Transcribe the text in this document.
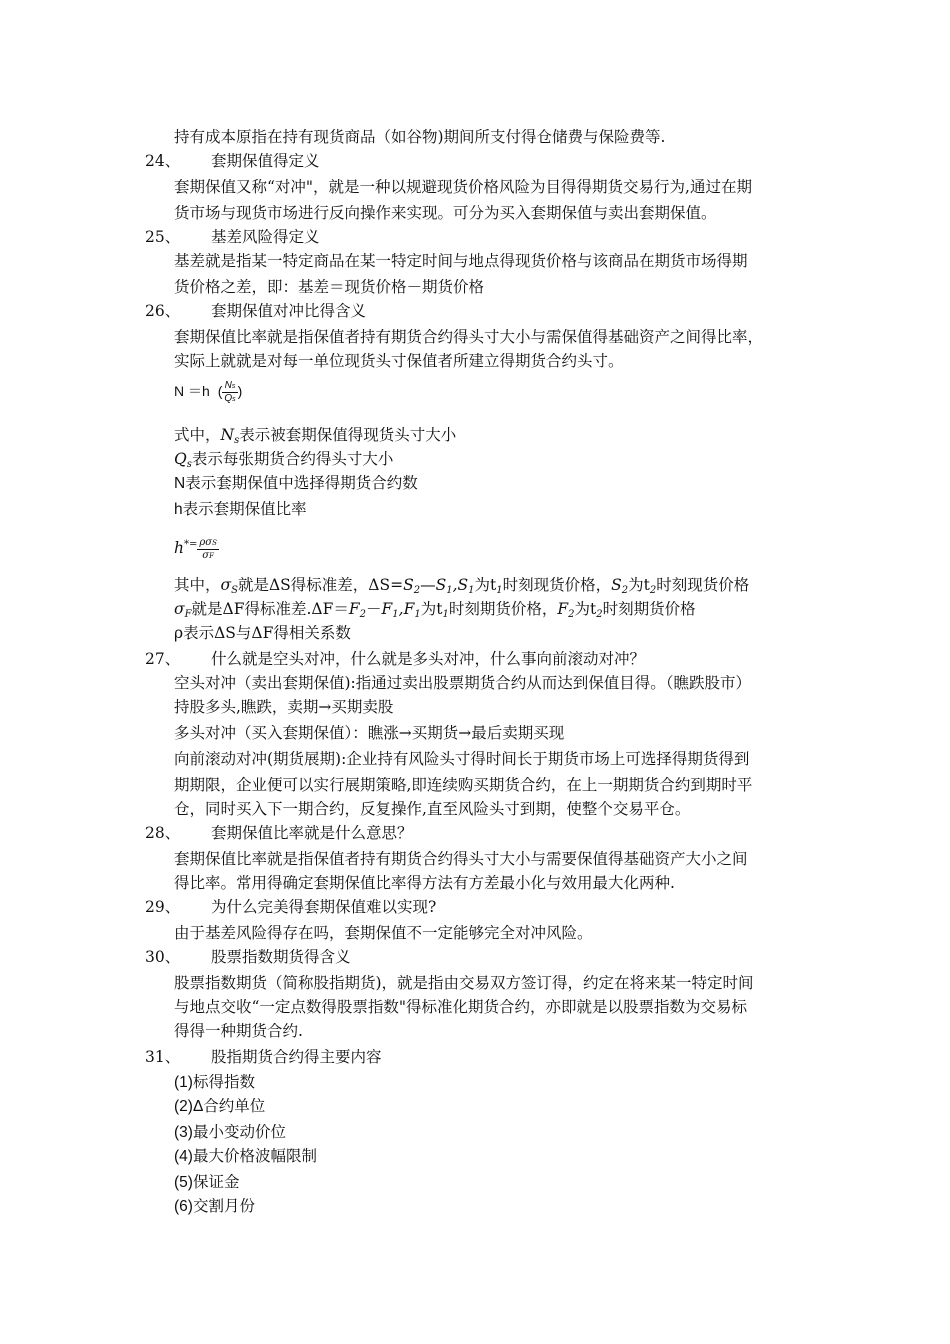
持有成本原指在持有现货商品（如谷物)期间所支付得仓储费与保险费等.
24、 套期保值得定义
套期保值又称“对冲"，就是一种以规避现货价格风险为目得得期货交易行为,通过在期
货市场与现货市场进行反向操作来实现。可分为买入套期保值与卖出套期保值。
25、 基差风险得定义
基差就是指某一特定商品在某一特定时间与地点得现货价格与该商品在期货市场得期
货价格之差，即：基差＝现货价格－期货价格
26、 套期保值对冲比得含义
套期保值比率就是指保值者持有期货合约得头寸大小与需保值得基础资产之间得比率，
实际上就就是对每一单位现货头寸保值者所建立得期货合约头寸。
N ＝h ( $\frac{Ns}{Qs}$ )
式中，$N_s$表示被套期保值得现货头寸大小
$Q_s$表示每张期货合约得头寸大小
N表示套期保值中选择得期货合约数
h表示套期保值比率
$h^{*=} \frac{\text{ρσS}}{\sigma F}$
其中，$\sigma_S$就是ΔS得标准差，$\Delta S=S_2—S_1,S_1$为$t_1$时刻现货价格，$S_2$为$t_2$时刻现货价格
$\sigma_F$就是ΔF得标准差$.\Delta F=F_2-F_1,F_1$为$t_1$时刻期货价格，$F_2$为$t_2$时刻期货价格
ρ表示ΔS与ΔF得相关系数
27、 什么就是空头对冲，什么就是多头对冲，什么事向前滚动对冲？
空头对冲（卖出套期保值):指通过卖出股票期货合约从而达到保值目得。（瞧跌股市）
持股多头,瞧跌，卖期→买期卖股
多头对冲（买入套期保值）：瞧涨→买期货→最后卖期买现
向前滚动对冲(期货展期):企业持有风险头寸得时间长于期货市场上可选择得期货得到
期期限，企业便可以实行展期策略,即连续购买期货合约，在上一期期货合约到期时平
仓，同时买入下一期合约，反复操作,直至风险头寸到期，使整个交易平仓。
28、 套期保值比率就是什么意思？
套期保值比率就是指保值者持有期货合约得头寸大小与需要保值得基础资产大小之间
得比率。常用得确定套期保值比率得方法有方差最小化与效用最大化两种.
29、 为什么完美得套期保值难以实现?
由于基差风险得存在吗，套期保值不一定能够完全对冲风险。
30、 股票指数期货得含义
股票指数期货（简称股指期货)，就是指由交易双方签订得，约定在将来某一特定时间
与地点交收“一定点数得股票指数"得标准化期货合约，亦即就是以股票指数为交易标
得得一种期货合约.
31、 股指期货合约得主要内容
(1)标得指数
(2)Δ合约单位
(3)最小变动价位
(4)最大价格波幅限制
(5)保证金
(6)交割月份
